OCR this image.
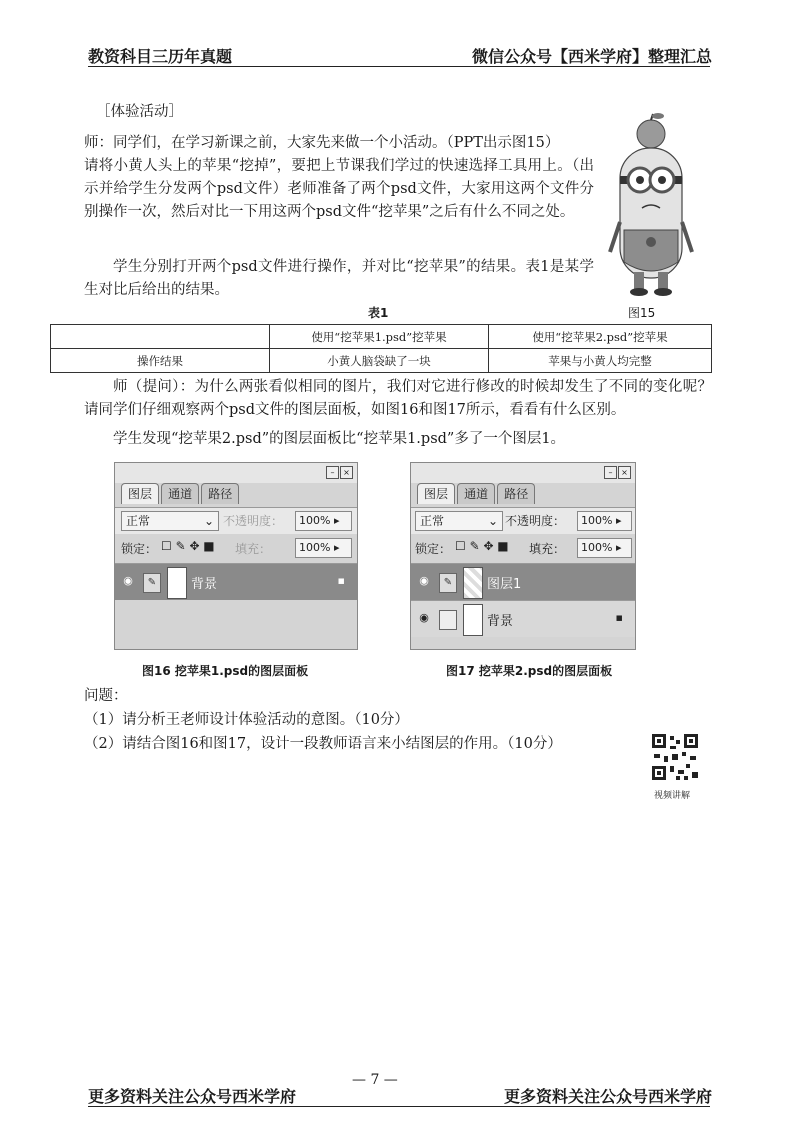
教资科目三历年真题	微信公众号【西米学府】整理汇总
［体验活动］

师：同学们，在学习新课之前，大家先来做一个小活动。（PPT出示图15）

请将小黄人头上的苹果“挖掉”，要把上节课我们学过的快速选择工具用上。（出示并给学生分发两个psd文件）老师准备了两个psd文件，大家用这两个文件分别操作一次，然后对比一下用这两个psd文件“挖苹果”之后有什么不同之处。

学生分别打开两个psd文件进行操作，并对比“挖苹果”的结果。表1是某学生对比后给出的结果。

图15
表1
	使用“挖苹果1.psd”挖苹果	使用“挖苹果2.psd”挖苹果
操作结果	小黄人脑袋缺了一块	苹果与小黄人均完整

师（提问）：为什么两张看似相同的图片，我们对它进行修改的时候却发生了不同的变化呢？请同学们仔细观察两个psd文件的图层面板，如图16和图17所示，看看有什么区别。

学生发现“挖苹果2.psd”的图层面板比“挖苹果1.psd”多了一个图层1。

–	×
图层 通道 路径
正常	⌄ 不透明度：	100% ▸
锁定： ☐ ✎ ✥ ■ 填充：	100% ▸
◉	✎	背景	▪
图16 挖苹果1.psd的图层面板
–	×
图层 通道 路径
正常	⌄ 不透明度：	100% ▸
锁定： ☐ ✎ ✥ ■ 填充：	100% ▸
◉	✎	图层1
◉	背景	▪
图17 挖苹果2.psd的图层面板
问题：
（1）请分析王老师设计体验活动的意图。（10分）
（2）请结合图16和图17，设计一段教师语言来小结图层的作用。（10分）
视频讲解
— 7 —
更多资料关注公众号西米学府	更多资料关注公众号西米学府
